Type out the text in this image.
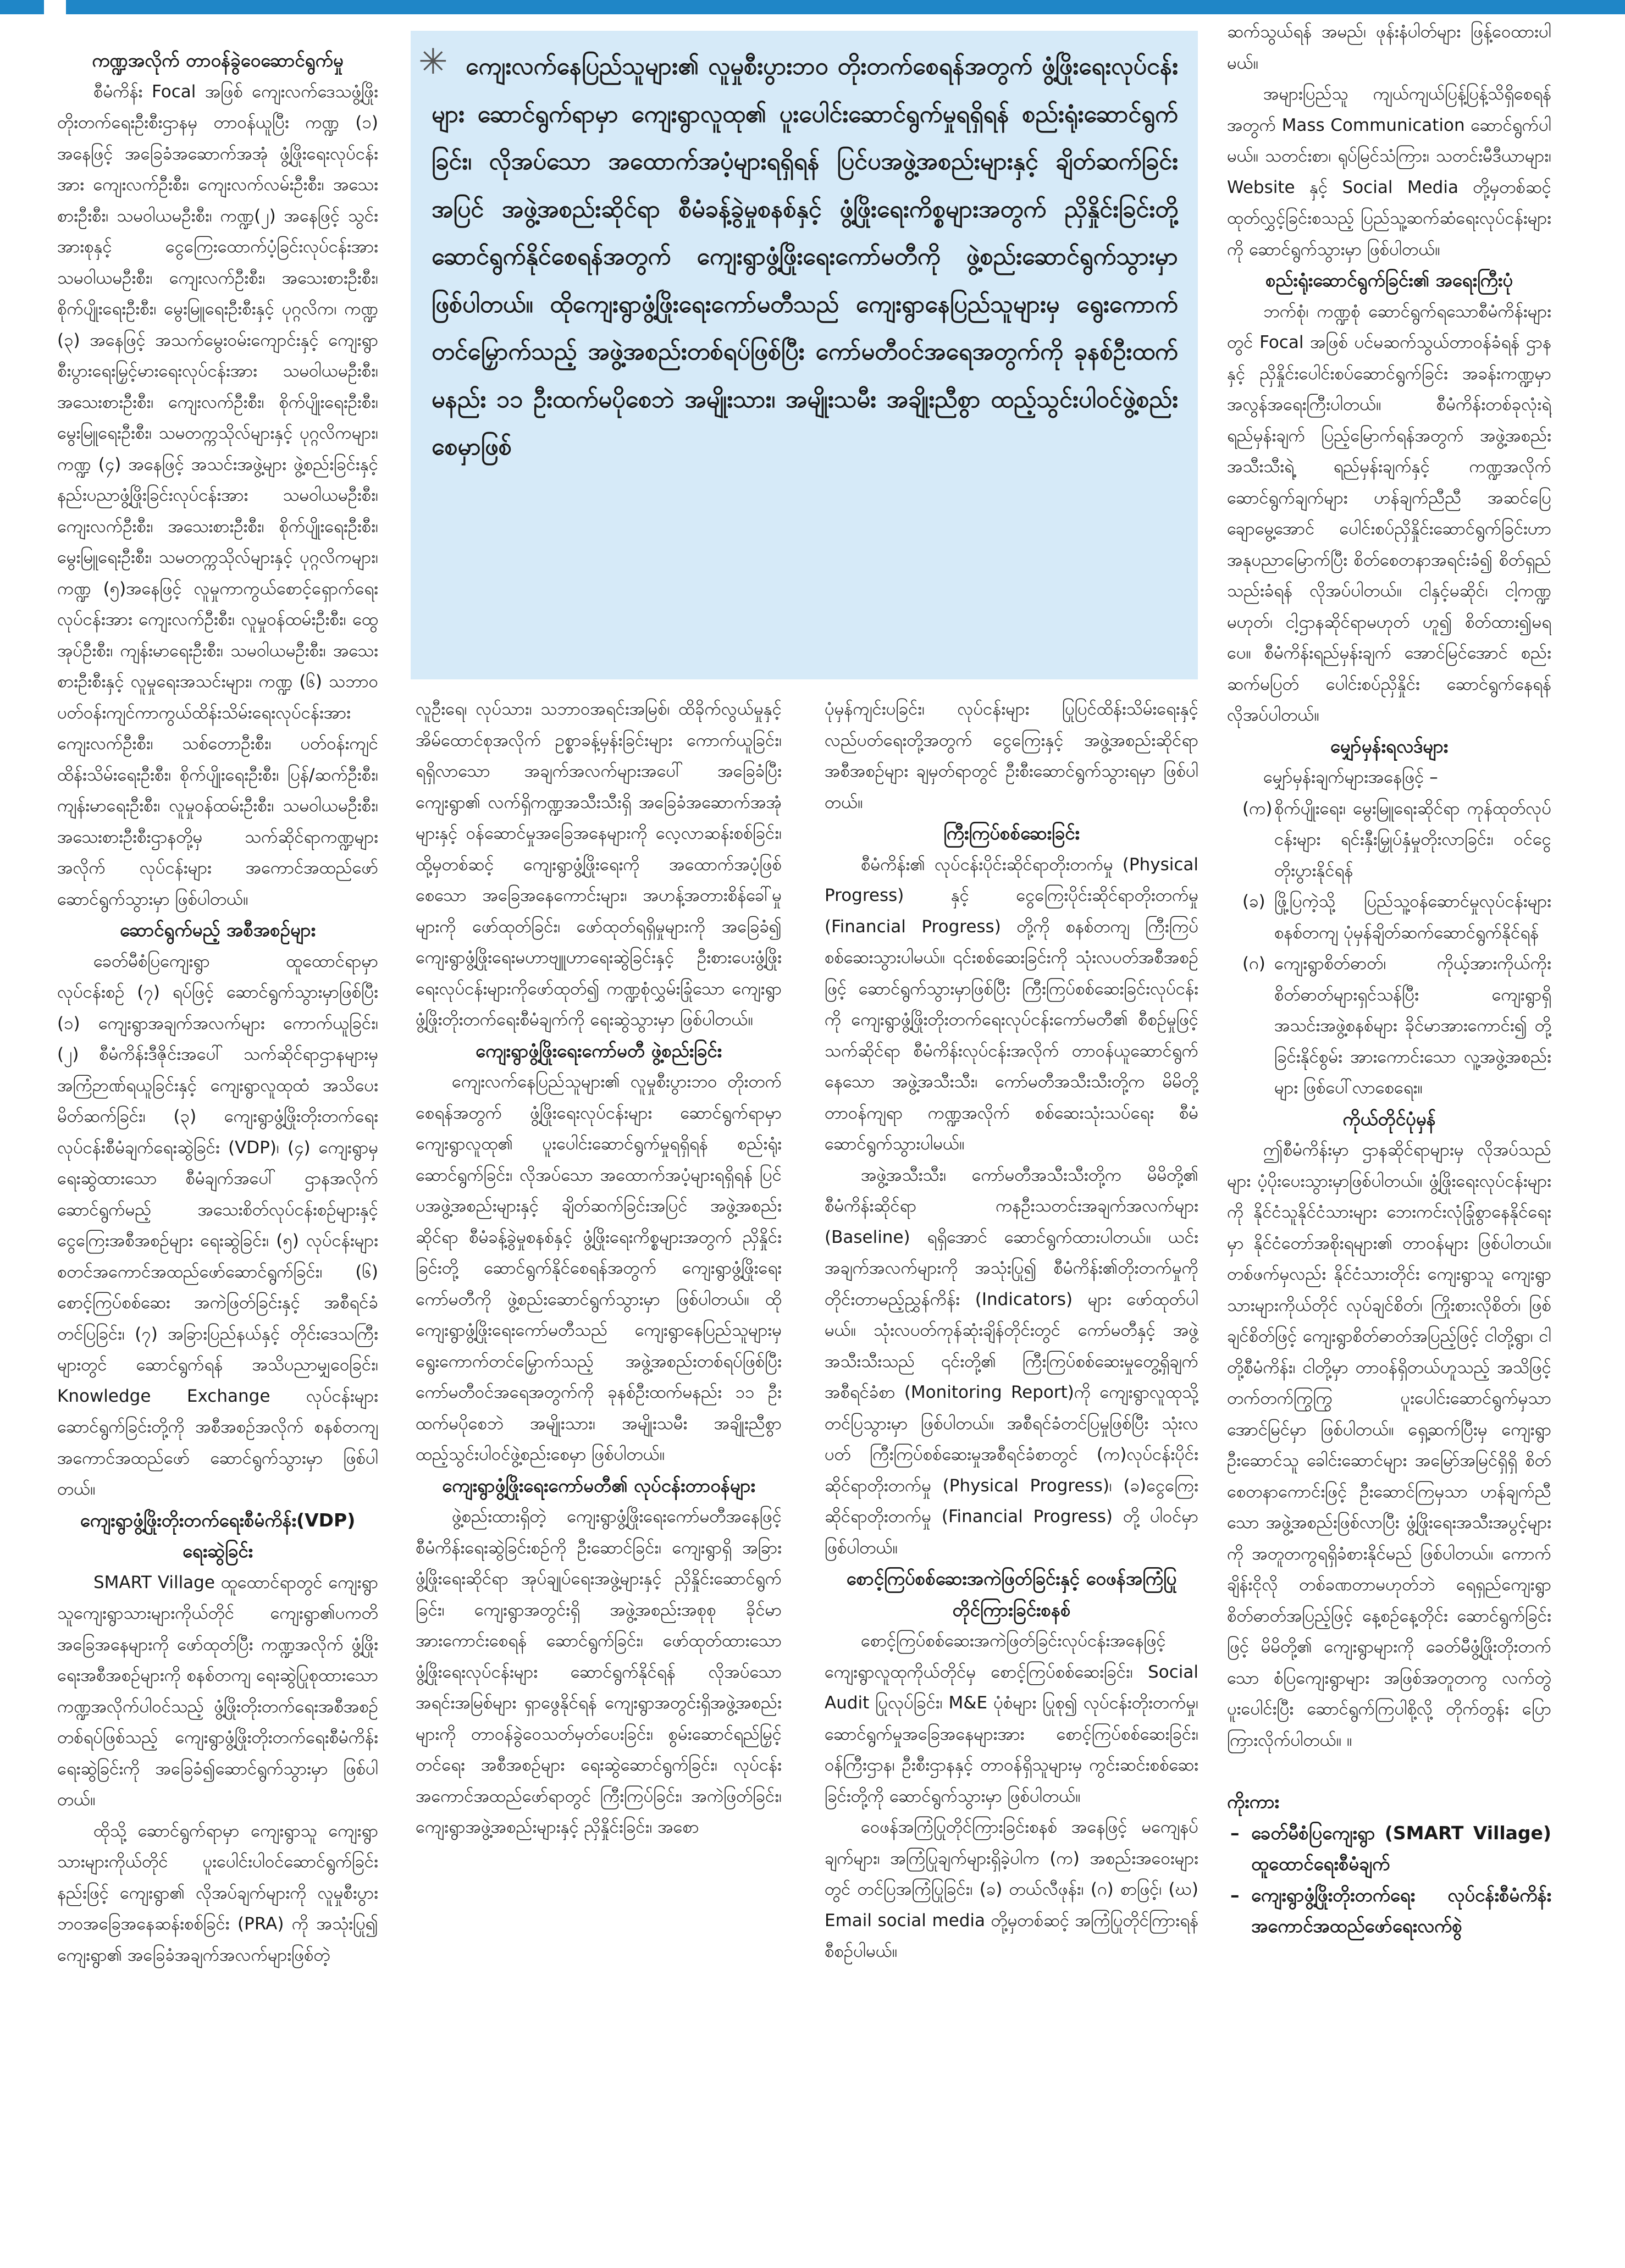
ကဏ္ဍအလိုက် တာဝန်ခွဲဝေဆောင်ရွက်မှု

စီမံကိန်း Focal အဖြစ် ကျေးလက်ဒေသဖွံ့ဖြိုးတိုးတက်ရေးဦးစီးဌာနမှ တာဝန်ယူပြီး ကဏ္ဍ (၁) အနေဖြင့် အခြေခံအဆောက်အအုံ ဖွံ့ဖြိုးရေးလုပ်ငန်းအား ကျေးလက်ဦးစီး၊ ကျေးလက်လမ်းဦးစီး၊ အသေးစားဦးစီး၊ သမဝါယမဦးစီး၊ ကဏ္ဍ(၂) အနေဖြင့် သွင်းအားစုနှင့် ငွေကြေးထောက်ပံ့ခြင်းလုပ်ငန်းအား သမဝါယမဦးစီး၊ ကျေးလက်ဦးစီး၊ အသေးစားဦးစီး၊ စိုက်ပျိုးရေးဦးစီး၊ မွေးမြူရေးဦးစီးနှင့် ပုဂ္ဂလိက၊ ကဏ္ဍ (၃) အနေဖြင့် အသက်မွေးဝမ်းကျောင်းနှင့် ကျေးရွာစီးပွားရေးမြှင့်မားရေးလုပ်ငန်းအား သမဝါယမဦးစီး၊ အသေးစားဦးစီး၊ ကျေးလက်ဦးစီး၊ စိုက်ပျိုးရေးဦးစီး၊ မွေးမြူရေးဦးစီး၊ သမတက္ကသိုလ်များနှင့် ပုဂ္ဂလိကများ၊ ကဏ္ဍ (၄) အနေဖြင့် အသင်းအဖွဲ့များ ဖွဲ့စည်းခြင်းနှင့် နည်းပညာဖွံ့ဖြိုးခြင်းလုပ်ငန်းအား သမဝါယမဦးစီး၊ ကျေးလက်ဦးစီး၊ အသေးစားဦးစီး၊ စိုက်ပျိုးရေးဦးစီး၊ မွေးမြူရေးဦးစီး၊ သမတက္ကသိုလ်များနှင့် ပုဂ္ဂလိကများ၊ ကဏ္ဍ (၅)အနေဖြင့် လူမှုကာကွယ်စောင့်ရှောက်ရေးလုပ်ငန်းအား ကျေးလက်ဦးစီး၊ လူမှုဝန်ထမ်းဦးစီး၊ ထွေအုပ်ဦးစီး၊ ကျန်းမာရေးဦးစီး၊ သမဝါယမဦးစီး၊ အသေးစားဦးစီးနှင့် လူမှုရေးအသင်းများ၊ ကဏ္ဍ (၆) သဘာဝပတ်ဝန်းကျင်ကာကွယ်ထိန်းသိမ်းရေးလုပ်ငန်းအား ကျေးလက်ဦးစီး၊ သစ်တောဦးစီး၊ ပတ်ဝန်းကျင်ထိန်းသိမ်းရေးဦးစီး၊ စိုက်ပျိုးရေးဦးစီး၊ ပြန်/ဆက်ဦးစီး၊ ကျန်းမာရေးဦးစီး၊ လူမှုဝန်ထမ်းဦးစီး၊ သမဝါယမဦးစီး၊ အသေးစားဦးစီးဌာနတို့မှ သက်ဆိုင်ရာကဏ္ဍများအလိုက် လုပ်ငန်းများ အကောင်အထည်ဖော် ဆောင်ရွက်သွားမှာ ဖြစ်ပါတယ်။

ဆောင်ရွက်မည့် အစီအစဉ်များ

ခေတ်မီစံပြကျေးရွာ ထူထောင်ရာမှာ လုပ်ငန်းစဉ် (၇) ရပ်ဖြင့် ဆောင်ရွက်သွားမှာဖြစ်ပြီး (၁) ကျေးရွာအချက်အလက်များ ကောက်ယူခြင်း၊ (၂) စီမံကိန်းဒီဇိုင်းအပေါ် သက်ဆိုင်ရာဌာနများမှ အကြံဉာဏ်ရယူခြင်းနှင့် ကျေးရွာလူထုထံ အသိပေးမိတ်ဆက်ခြင်း၊ (၃) ကျေးရွာဖွံ့ဖြိုးတိုးတက်ရေးလုပ်ငန်းစီမံချက်ရေးဆွဲခြင်း (VDP)၊ (၄) ကျေးရွာမှရေးဆွဲထားသော စီမံချက်အပေါ် ဌာနအလိုက် ဆောင်ရွက်မည့် အသေးစိတ်လုပ်ငန်းစဉ်များနှင့် ငွေကြေးအစီအစဉ်များ ရေးဆွဲခြင်း၊ (၅) လုပ်ငန်းများ စတင်အကောင်အထည်ဖော်ဆောင်ရွက်ခြင်း၊ (၆) စောင့်ကြပ်စစ်ဆေး အကဲဖြတ်ခြင်းနှင့် အစီရင်ခံတင်ပြခြင်း၊ (၇) အခြားပြည်နယ်နှင့် တိုင်းဒေသကြီးများတွင် ဆောင်ရွက်ရန် အသိပညာမျှဝေခြင်း၊ Knowledge Exchange လုပ်ငန်းများ ဆောင်ရွက်ခြင်းတို့ကို အစီအစဉ်အလိုက် စနစ်တကျ အကောင်အထည်ဖော် ဆောင်ရွက်သွားမှာ ဖြစ်ပါတယ်။

ကျေးရွာဖွံ့ဖြိုးတိုးတက်ရေးစီမံကိန်း(VDP) ရေးဆွဲခြင်း

SMART Village ထူထောင်ရာတွင် ကျေးရွာသူကျေးရွာသားများကိုယ်တိုင် ကျေးရွာ၏ပကတိအခြေအနေများကို ဖော်ထုတ်ပြီး ကဏ္ဍအလိုက် ဖွံ့ဖြိုးရေးအစီအစဉ်များကို စနစ်တကျ ရေးဆွဲပြုစုထားသော ကဏ္ဍအလိုက်ပါဝင်သည့် ဖွံ့ဖြိုးတိုးတက်ရေးအစီအစဉ်တစ်ရပ်ဖြစ်သည့် ကျေးရွာဖွံ့ဖြိုးတိုးတက်ရေးစီမံကိန်းရေးဆွဲခြင်းကို အခြေခံ၍ဆောင်ရွက်သွားမှာ ဖြစ်ပါတယ်။

ထိုသို့ ဆောင်ရွက်ရာမှာ ကျေးရွာသူ ကျေးရွာသားများကိုယ်တိုင် ပူးပေါင်းပါဝင်ဆောင်ရွက်ခြင်းနည်းဖြင့် ကျေးရွာ၏ လိုအပ်ချက်များကို လူမှုစီးပွားဘဝအခြေအနေဆန်းစစ်ခြင်း (PRA) ကို အသုံးပြု၍ ကျေးရွာ၏ အခြေခံအချက်အလက်များဖြစ်တဲ့

✳ ကျေးလက်နေပြည်သူများ၏ လူမှုစီးပွားဘဝ တိုးတက်စေရန်အတွက် ဖွံ့ဖြိုးရေးလုပ်ငန်းများ ဆောင်ရွက်ရာမှာ ကျေးရွာလူထု၏ ပူးပေါင်းဆောင်ရွက်မှုရရှိရန် စည်းရုံးဆောင်ရွက်ခြင်း၊ လိုအပ်သော အထောက်အပံ့များရရှိရန် ပြင်ပအဖွဲ့အစည်းများနှင့် ချိတ်ဆက်ခြင်းအပြင် အဖွဲ့အစည်းဆိုင်ရာ စီမံခန့်ခွဲမှုစနစ်နှင့် ဖွံ့ဖြိုးရေးကိစ္စများအတွက် ညှိနှိုင်းခြင်းတို့ ဆောင်ရွက်နိုင်စေရန်အတွက် ကျေးရွာဖွံ့ဖြိုးရေးကော်မတီကို ဖွဲ့စည်းဆောင်ရွက်သွားမှာ ဖြစ်ပါတယ်။ ထိုကျေးရွာဖွံ့ဖြိုးရေးကော်မတီသည် ကျေးရွာနေပြည်သူများမှ ရွေးကောက်တင်မြှောက်သည့် အဖွဲ့အစည်းတစ်ရပ်ဖြစ်ပြီး ကော်မတီဝင်အရေအတွက်ကို ခုနစ်ဦးထက်မနည်း ၁၁ ဦးထက်မပိုစေဘဲ အမျိုးသား၊ အမျိုးသမီး အချိုးညီစွာ ထည့်သွင်းပါဝင်ဖွဲ့စည်းစေမှာဖြစ်

လူဦးရေ၊ လုပ်သား၊ သဘာဝအရင်းအမြစ်၊ ထိခိုက်လွယ်မှုနှင့် အိမ်ထောင်စုအလိုက် ဥစ္စာခန့်မှန်းခြင်းများ ကောက်ယူခြင်း၊ ရရှိလာသော အချက်အလက်များအပေါ် အခြေခံပြီး ကျေးရွာ၏ လက်ရှိကဏ္ဍအသီးသီးရှိ အခြေခံအဆောက်အအုံများနှင့် ဝန်ဆောင်မှုအခြေအနေများကို လေ့လာဆန်းစစ်ခြင်း၊ ထို့မှတစ်ဆင့် ကျေးရွာဖွံ့ဖြိုးရေးကို အထောက်အပံ့ဖြစ်စေသော အခြေအနေကောင်းများ၊ အဟန့်အတားစိန်ခေါ်မှုများကို ဖော်ထုတ်ခြင်း၊ ဖော်ထုတ်ရရှိမှုများကို အခြေခံ၍ ကျေးရွာဖွံ့ဖြိုးရေးမဟာဗျူဟာရေးဆွဲခြင်းနှင့် ဦးစားပေးဖွံ့ဖြိုးရေးလုပ်ငန်းများကိုဖော်ထုတ်၍ ကဏ္ဍစုံလွှမ်းခြုံသော ကျေးရွာဖွံ့ဖြိုးတိုးတက်ရေးစီမံချက်ကို ရေးဆွဲသွားမှာ ဖြစ်ပါတယ်။

ကျေးရွာဖွံ့ဖြိုးရေးကော်မတီ ဖွဲ့စည်းခြင်း

ကျေးလက်နေပြည်သူများ၏ လူမှုစီးပွားဘဝ တိုးတက်စေရန်အတွက် ဖွံ့ဖြိုးရေးလုပ်ငန်းများ ဆောင်ရွက်ရာမှာ ကျေးရွာလူထု၏ ပူးပေါင်းဆောင်ရွက်မှုရရှိရန် စည်းရုံးဆောင်ရွက်ခြင်း၊ လိုအပ်သော အထောက်အပံ့များရရှိရန် ပြင်ပအဖွဲ့အစည်းများနှင့် ချိတ်ဆက်ခြင်းအပြင် အဖွဲ့အစည်းဆိုင်ရာ စီမံခန့်ခွဲမှုစနစ်နှင့် ဖွံ့ဖြိုးရေးကိစ္စများအတွက် ညှိနှိုင်းခြင်းတို့ ဆောင်ရွက်နိုင်စေရန်အတွက် ကျေးရွာဖွံ့ဖြိုးရေးကော်မတီကို ဖွဲ့စည်းဆောင်ရွက်သွားမှာ ဖြစ်ပါတယ်။ ထိုကျေးရွာဖွံ့ဖြိုးရေးကော်မတီသည် ကျေးရွာနေပြည်သူများမှ ရွေးကောက်တင်မြှောက်သည့် အဖွဲ့အစည်းတစ်ရပ်ဖြစ်ပြီး ကော်မတီဝင်အရေအတွက်ကို ခုနစ်ဦးထက်မနည်း ၁၁ ဦးထက်မပိုစေဘဲ အမျိုးသား၊ အမျိုးသမီး အချိုးညီစွာ ထည့်သွင်းပါဝင်ဖွဲ့စည်းစေမှာ ဖြစ်ပါတယ်။

ကျေးရွာဖွံ့ဖြိုးရေးကော်မတီ၏ လုပ်ငန်းတာဝန်များ

ဖွဲ့စည်းထားရှိတဲ့ ကျေးရွာဖွံ့ဖြိုးရေးကော်မတီအနေဖြင့် စီမံကိန်းရေးဆွဲခြင်းစဉ်ကို ဦးဆောင်ခြင်း၊ ကျေးရွာရှိ အခြားဖွံ့ဖြိုးရေးဆိုင်ရာ အုပ်ချုပ်ရေးအဖွဲ့များနှင့် ညှိနှိုင်းဆောင်ရွက်ခြင်း၊ ကျေးရွာအတွင်းရှိ အဖွဲ့အစည်းအစုစု ခိုင်မာအားကောင်းစေရန် ဆောင်ရွက်ခြင်း၊ ဖော်ထုတ်ထားသော ဖွံ့ဖြိုးရေးလုပ်ငန်းများ ဆောင်ရွက်နိုင်ရန် လိုအပ်သောအရင်းအမြစ်များ ရှာဖွေနိုင်ရန် ကျေးရွာအတွင်းရှိအဖွဲ့အစည်းများကို တာဝန်ခွဲဝေသတ်မှတ်ပေးခြင်း၊ စွမ်းဆောင်ရည်မြှင့်တင်ရေး အစီအစဉ်များ ရေးဆွဲဆောင်ရွက်ခြင်း၊ လုပ်ငန်းအကောင်အထည်ဖော်ရာတွင် ကြီးကြပ်ခြင်း၊ အကဲဖြတ်ခြင်း၊ ကျေးရွာအဖွဲ့အစည်းများနှင့် ညှိနှိုင်းခြင်း၊ အစော

ပုံမှန်ကျင်းပခြင်း၊ လုပ်ငန်းများ ပြုပြင်ထိန်းသိမ်းရေးနှင့် လည်ပတ်ရေးတို့အတွက် ငွေကြေးနှင့် အဖွဲ့အစည်းဆိုင်ရာ အစီအစဉ်များ ချမှတ်ရာတွင် ဦးစီးဆောင်ရွက်သွားရမှာ ဖြစ်ပါတယ်။

ကြီးကြပ်စစ်ဆေးခြင်း

စီမံကိန်း၏ လုပ်ငန်းပိုင်းဆိုင်ရာတိုးတက်မှု (Physical Progress) နှင့် ငွေကြေးပိုင်းဆိုင်ရာတိုးတက်မှု (Financial Progress) တို့ကို စနစ်တကျ ကြီးကြပ်စစ်ဆေးသွားပါမယ်။ ၎င်းစစ်ဆေးခြင်းကို သုံးလပတ်အစီအစဉ်ဖြင့် ဆောင်ရွက်သွားမှာဖြစ်ပြီး ကြီးကြပ်စစ်ဆေးခြင်းလုပ်ငန်းကို ကျေးရွာဖွံ့ဖြိုးတိုးတက်ရေးလုပ်ငန်းကော်မတီ၏ စီစဉ်မှုဖြင့် သက်ဆိုင်ရာ စီမံကိန်းလုပ်ငန်းအလိုက် တာဝန်ယူဆောင်ရွက်နေသော အဖွဲ့အသီးသီး၊ ကော်မတီအသီးသီးတို့က မိမိတို့တာဝန်ကျရာ ကဏ္ဍအလိုက် စစ်ဆေးသုံးသပ်ရေး စီမံဆောင်ရွက်သွားပါမယ်။

အဖွဲ့အသီးသီး၊ ကော်မတီအသီးသီးတို့က မိမိတို့၏ စီမံကိန်းဆိုင်ရာ ကနဦးသတင်းအချက်အလက်များ (Baseline) ရရှိအောင် ဆောင်ရွက်ထားပါတယ်။ ယင်းအချက်အလက်များကို အသုံးပြု၍ စီမံကိန်း၏တိုးတက်မှုကို တိုင်းတာမည့်ညွှန်ကိန်း (Indicators) များ ဖော်ထုတ်ပါမယ်။ သုံးလပတ်ကုန်ဆုံးချိန်တိုင်းတွင် ကော်မတီနှင့် အဖွဲ့အသီးသီးသည် ၎င်းတို့၏ ကြီးကြပ်စစ်ဆေးမှုတွေ့ရှိချက်အစီရင်ခံစာ (Monitoring Report)ကို ကျေးရွာလူထုသို့ တင်ပြသွားမှာ ဖြစ်ပါတယ်။ အစီရင်ခံတင်ပြမှုဖြစ်ပြီး သုံးလပတ် ကြီးကြပ်စစ်ဆေးမှုအစီရင်ခံစာတွင် (က)လုပ်ငန်းပိုင်းဆိုင်ရာတိုးတက်မှု (Physical Progress)၊ (ခ)ငွေကြေးဆိုင်ရာတိုးတက်မှု (Financial Progress) တို့ ပါဝင်မှာ ဖြစ်ပါတယ်။

စောင့်ကြပ်စစ်ဆေးအကဲဖြတ်ခြင်းနှင့် ဝေဖန်အကြံပြုတိုင်ကြားခြင်းစနစ်

စောင့်ကြပ်စစ်ဆေးအကဲဖြတ်ခြင်းလုပ်ငန်းအနေဖြင့် ကျေးရွာလူထုကိုယ်တိုင်မှ စောင့်ကြပ်စစ်ဆေးခြင်း၊ Social Audit ပြုလုပ်ခြင်း၊ M&E ပုံစံများ ပြုစု၍ လုပ်ငန်းတိုးတက်မှု၊ ဆောင်ရွက်မှုအခြေအနေများအား စောင့်ကြပ်စစ်ဆေးခြင်း၊ ဝန်ကြီးဌာန၊ ဦးစီးဌာနနှင့် တာဝန်ရှိသူများမှ ကွင်းဆင်းစစ်ဆေးခြင်းတို့ကို ဆောင်ရွက်သွားမှာ ဖြစ်ပါတယ်။

ဝေဖန်အကြံပြုတိုင်ကြားခြင်းစနစ် အနေဖြင့် မကျေနပ်ချက်များ၊ အကြံပြုချက်များရှိခဲ့ပါက (က) အစည်းအဝေးများတွင် တင်ပြအကြံပြုခြင်း၊ (ခ) တယ်လီဖုန်း၊ (ဂ) စာဖြင့်၊ (ဃ) Email social media တို့မှတစ်ဆင့် အကြံပြုတိုင်ကြားရန် စီစဉ်ပါမယ်။

ဆက်သွယ်ရန် အမည်၊ ဖုန်းနံပါတ်များ ဖြန့်ဝေထားပါမယ်။

အများပြည်သူ ကျယ်ကျယ်ပြန့်ပြန့်သိရှိစေရန် အတွက် Mass Communication ဆောင်ရွက်ပါမယ်။ သတင်းစာ၊ ရုပ်မြင်သံကြား၊ သတင်းမီဒီယာများ၊ Website နှင့် Social Media တို့မှတစ်ဆင့် ထုတ်လွှင့်ခြင်းစသည့် ပြည်သူ့ဆက်ဆံရေးလုပ်ငန်းများကို ဆောင်ရွက်သွားမှာ ဖြစ်ပါတယ်။

စည်းရုံးဆောင်ရွက်ခြင်း၏ အရေးကြီးပုံ

ဘက်စုံ၊ ကဏ္ဍစုံ ဆောင်ရွက်ရသောစီမံကိန်းများတွင် Focal အဖြစ် ပင်မဆက်သွယ်တာဝန်ခံရန် ဌာနနှင့် ညှိနှိုင်းပေါင်းစပ်ဆောင်ရွက်ခြင်း အခန်းကဏ္ဍမှာ အလွန်အရေးကြီးပါတယ်။ စီမံကိန်းတစ်ခုလုံးရဲ့ ရည်မှန်းချက် ပြည့်မြောက်ရန်အတွက် အဖွဲ့အစည်းအသီးသီးရဲ့ ရည်မှန်းချက်နှင့် ကဏ္ဍအလိုက် ဆောင်ရွက်ချက်များ ဟန်ချက်ညီညီ အဆင်ပြေချောမွေ့အောင် ပေါင်းစပ်ညှိနှိုင်းဆောင်ရွက်ခြင်းဟာ အနုပညာမြောက်ပြီး စိတ်စေတနာအရင်းခံ၍ စိတ်ရှည်သည်းခံရန် လိုအပ်ပါတယ်။ ငါနှင့်မဆိုင်၊ ငါ့ကဏ္ဍမဟုတ်၊ ငါ့ဌာနဆိုင်ရာမဟုတ် ဟူ၍ စိတ်ထား၍မရပေ။ စီမံကိန်းရည်မှန်းချက် အောင်မြင်အောင် စည်းဆက်မပြတ် ပေါင်းစပ်ညှိနှိုင်း ဆောင်ရွက်နေရန် လိုအပ်ပါတယ်။

မျှော်မှန်းရလဒ်များ

မျှော်မှန်းချက်များအနေဖြင့် –

(က) စိုက်ပျိုးရေး၊ မွေးမြူရေးဆိုင်ရာ ကုန်ထုတ်လုပ်ငန်းများ ရင်းနှီးမြှုပ်နှံမှုတိုးလာခြင်း၊ ဝင်ငွေ တိုးပွားနိုင်ရန်
(ခ) ဖြို့ပြကဲ့သို့ ပြည်သူ့ဝန်ဆောင်မှုလုပ်ငန်းများ စနစ်တကျ ပုံမှန်ချိတ်ဆက်ဆောင်ရွက်နိုင်ရန်
(ဂ) ကျေးရွာစိတ်ဓာတ်၊ ကိုယ့်အားကိုယ်ကိုး စိတ်ဓာတ်များရှင်သန်ပြီး ကျေးရွာရှိ အသင်းအဖွဲ့စနစ်များ ခိုင်မာအားကောင်း၍ တို့ခြင်းနိုင်စွမ်း အားကောင်းသော လူ့အဖွဲ့အစည်းများ ဖြစ်ပေါ်လာစေရေး။
ကိုယ်တိုင်ပုံမှန်

ဤစီမံကိန်းမှာ ဌာနဆိုင်ရာများမှ လိုအပ်သည်များ ပံ့ပိုးပေးသွားမှာဖြစ်ပါတယ်။ ဖွံ့ဖြိုးရေးလုပ်ငန်းများကို နိုင်ငံသူနိုင်ငံသားများ ဘေးကင်းလုံခြုံစွာနေနိုင်ရေးမှာ နိုင်ငံတော်အစိုးရများ၏ တာဝန်များ ဖြစ်ပါတယ်။ တစ်ဖက်မှလည်း နိုင်ငံသားတိုင်း ကျေးရွာသူ ကျေးရွာသားများကိုယ်တိုင် လုပ်ချင်စိတ်၊ ကြိုးစားလိုစိတ်၊ ဖြစ်ချင်စိတ်ဖြင့် ကျေးရွာစိတ်ဓာတ်အပြည့်ဖြင့် ငါတို့ရွာ၊ ငါတို့စီမံကိန်း၊ ငါတို့မှာ တာဝန်ရှိတယ်ဟူသည့် အသိဖြင့် တက်တက်ကြွကြွ ပူးပေါင်းဆောင်ရွက်မှသာ အောင်မြင်မှာ ဖြစ်ပါတယ်။ ရှေ့ဆက်ပြီးမှ ကျေးရွာဦးဆောင်သူ ခေါင်းဆောင်များ အမြော်အမြင်ရှိရှိ စိတ်စေတနာကောင်းဖြင့် ဦးဆောင်ကြမှသာ ဟန်ချက်ညီသော အဖွဲ့အစည်းဖြစ်လာပြီး ဖွံ့ဖြိုးရေးအသီးအပွင့်များကို အတူတကွရရှိခံစားနိုင်မည် ဖြစ်ပါတယ်။ ကောက်ချိန်းငိုလို တစ်ခဏတာမဟုတ်ဘဲ ရေရှည်ကျေးရွာစိတ်ဓာတ်အပြည့်ဖြင့် နေ့စဉ်နေ့တိုင်း ဆောင်ရွက်ခြင်းဖြင့် မိမိတို့၏ ကျေးရွာများကို ခေတ်မီဖွံ့ဖြိုးတိုးတက်သော စံပြကျေးရွာများ အဖြစ်အတူတကွ လက်တွဲပူးပေါင်းပြီး ဆောင်ရွက်ကြပါစို့လို့ တိုက်တွန်း ပြောကြားလိုက်ပါတယ်။ ။

ကိုးကား
– ခေတ်မီစံပြကျေးရွာ (SMART Village) ထူထောင်ရေးစီမံချက်
– ကျေးရွာဖွံ့ဖြိုးတိုးတက်ရေး လုပ်ငန်းစီမံကိန်း အကောင်အထည်ဖော်ရေးလက်စွဲ
